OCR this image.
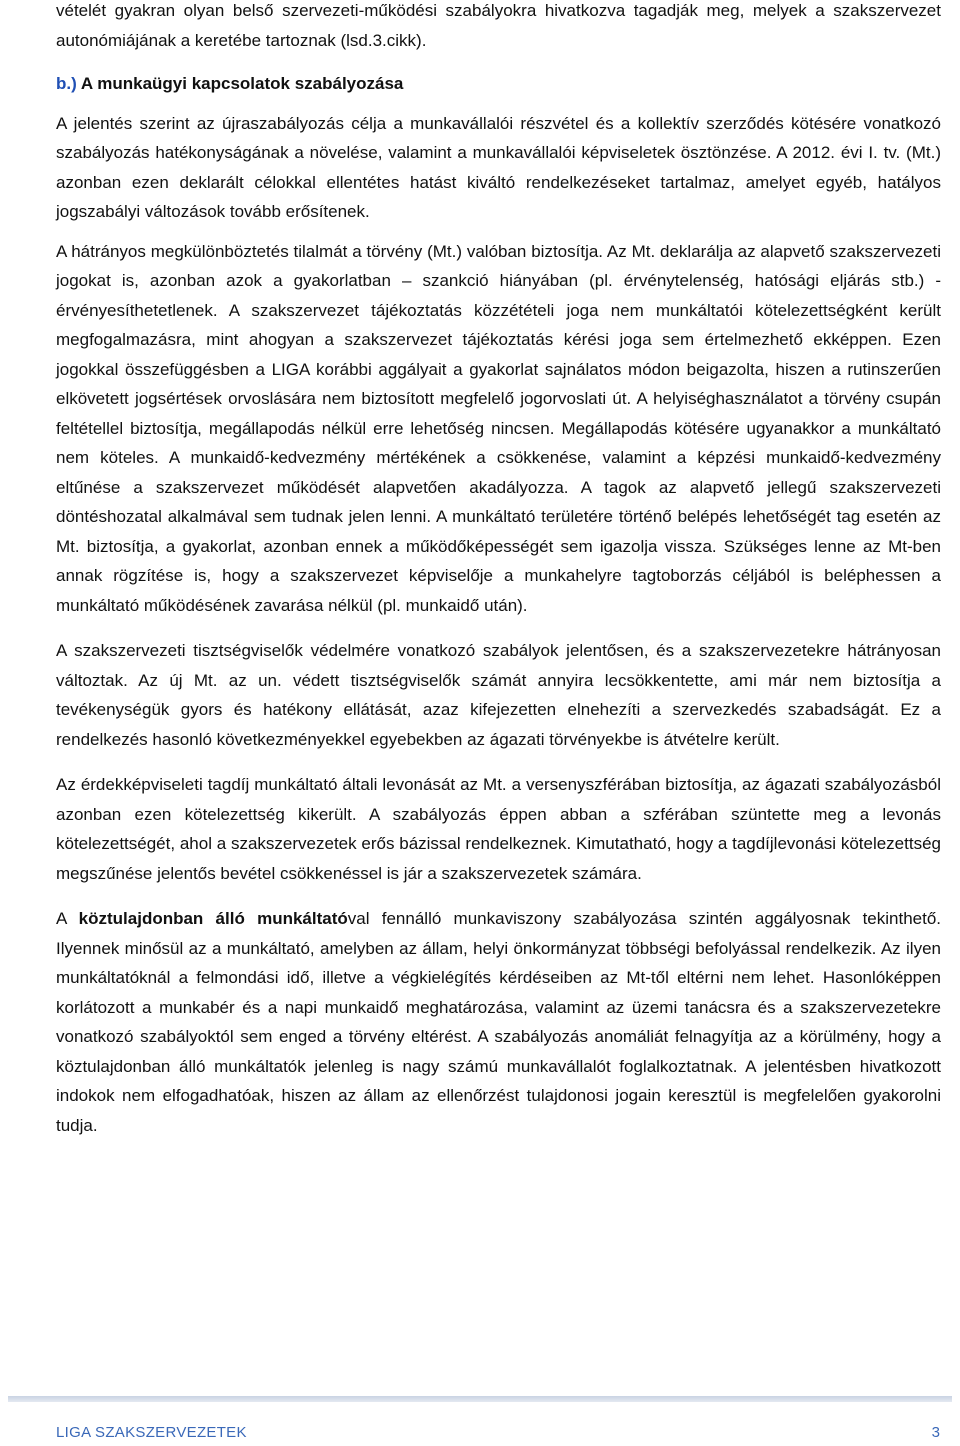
vételét gyakran olyan belső szervezeti-működési szabályokra hivatkozva tagadják meg, melyek a szakszervezet autonómiájának a keretébe tartoznak (lsd.3.cikk).

b.) A munkaügyi kapcsolatok szabályozása

A jelentés szerint az újraszabályozás célja a munkavállalói részvétel és a kollektív szerződés kötésére vonatkozó szabályozás hatékonyságának a növelése, valamint a munkavállalói képviseletek ösztönzése. A 2012. évi I. tv. (Mt.) azonban ezen deklarált célokkal ellentétes hatást kiváltó rendelkezéseket tartalmaz, amelyet egyéb, hatályos jogszabályi változások tovább erősítenek.

A hátrányos megkülönböztetés tilalmát a törvény (Mt.) valóban biztosítja. Az Mt. deklarálja az alapvető szakszervezeti jogokat is, azonban azok a gyakorlatban – szankció hiányában (pl. érvénytelenség, hatósági eljárás stb.) - érvényesíthetetlenek. A szakszervezet tájékoztatás közzétételi joga nem munkáltatói kötelezettségként került megfogalmazásra, mint ahogyan a szakszervezet tájékoztatás kérési joga sem értelmezhető ekképpen. Ezen jogokkal összefüggésben a LIGA korábbi aggályait a gyakorlat sajnálatos módon beigazolta, hiszen a rutinszerűen elkövetett jogsértések orvoslására nem biztosított megfelelő jogorvoslati út. A helyiséghasználatot a törvény csupán feltétellel biztosítja, megállapodás nélkül erre lehetőség nincsen. Megállapodás kötésére ugyanakkor a munkáltató nem köteles. A munkaidő-kedvezmény mértékének a csökkenése, valamint a képzési munkaidő-kedvezmény eltűnése a szakszervezet működését alapvetően akadályozza. A tagok az alapvető jellegű szakszervezeti döntéshozatal alkalmával sem tudnak jelen lenni. A munkáltató területére történő belépés lehetőségét tag esetén az Mt. biztosítja, a gyakorlat, azonban ennek a működőképességét sem igazolja vissza. Szükséges lenne az Mt-ben annak rögzítése is, hogy a szakszervezet képviselője a munkahelyre tagtoborzás céljából is beléphessen a munkáltató működésének zavarása nélkül (pl. munkaidő után).

A szakszervezeti tisztségviselők védelmére vonatkozó szabályok jelentősen, és a szakszervezetekre hátrányosan változtak. Az új Mt. az un. védett tisztségviselők számát annyira lecsökkentette, ami már nem biztosítja a tevékenységük gyors és hatékony ellátását, azaz kifejezetten elnehezíti a szervezkedés szabadságát. Ez a rendelkezés hasonló következményekkel egyebekben az ágazati törvényekbe is átvételre került.

Az érdekképviseleti tagdíj munkáltató általi levonását az Mt. a versenyszférában biztosítja, az ágazati szabályozásból azonban ezen kötelezettség kikerült. A szabályozás éppen abban a szférában szüntette meg a levonás kötelezettségét, ahol a szakszervezetek erős bázissal rendelkeznek. Kimutatható, hogy a tagdíjlevonási kötelezettség megszűnése jelentős bevétel csökkenéssel is jár a szakszervezetek számára.

A köztulajdonban álló munkáltatóval fennálló munkaviszony szabályozása szintén aggályosnak tekinthető. Ilyennek minősül az a munkáltató, amelyben az állam, helyi önkormányzat többségi befolyással rendelkezik. Az ilyen munkáltatóknál a felmondási idő, illetve a végkielégítés kérdéseiben az Mt-től eltérni nem lehet. Hasonlóképpen korlátozott a munkabér és a napi munkaidő meghatározása, valamint az üzemi tanácsra és a szakszervezetekre vonatkozó szabályoktól sem enged a törvény eltérést. A szabályozás anomáliát felnagyítja az a körülmény, hogy a köztulajdonban álló munkáltatók jelenleg is nagy számú munkavállalót foglalkoztatnak. A jelentésben hivatkozott indokok nem elfogadhatóak, hiszen az állam az ellenőrzést tulajdonosi jogain keresztül is megfelelően gyakorolni tudja.

LIGA SZAKSZERVEZETEK	3
